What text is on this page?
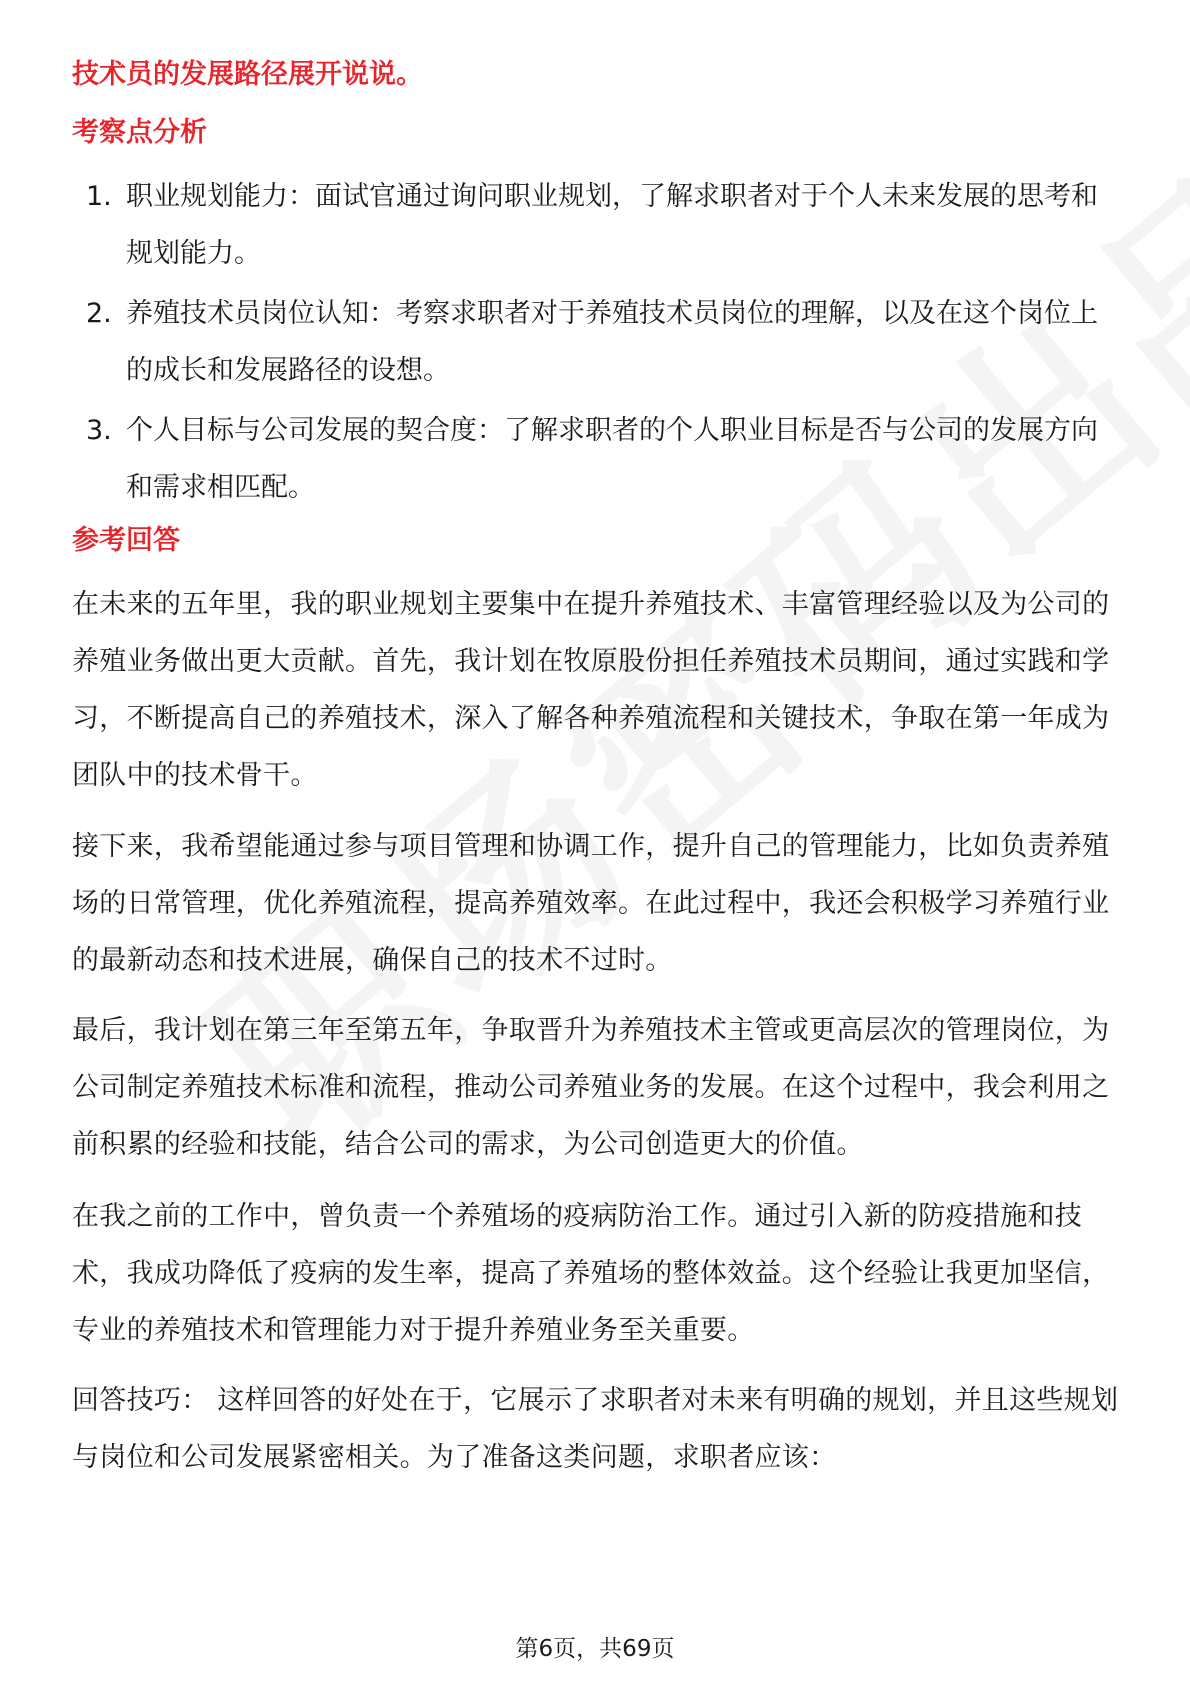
技术员的发展路径展开说说。
考察点分析
1. 职业规划能力：面试官通过询问职业规划，了解求职者对于个人未来发展的思考和规划能力。
2. 养殖技术员岗位认知：考察求职者对于养殖技术员岗位的理解，以及在这个岗位上的成长和发展路径的设想。
3. 个人目标与公司发展的契合度：了解求职者的个人职业目标是否与公司的发展方向和需求相匹配。
参考回答
在未来的五年里，我的职业规划主要集中在提升养殖技术、丰富管理经验以及为公司的养殖业务做出更大贡献。首先，我计划在牧原股份担任养殖技术员期间，通过实践和学习，不断提高自己的养殖技术，深入了解各种养殖流程和关键技术，争取在第一年成为团队中的技术骨干。
接下来，我希望能通过参与项目管理和协调工作，提升自己的管理能力，比如负责养殖场的日常管理，优化养殖流程，提高养殖效率。在此过程中，我还会积极学习养殖行业的最新动态和技术进展，确保自己的技术不过时。
最后，我计划在第三年至第五年，争取晋升为养殖技术主管或更高层次的管理岗位，为公司制定养殖技术标准和流程，推动公司养殖业务的发展。在这个过程中，我会利用之前积累的经验和技能，结合公司的需求，为公司创造更大的价值。
在我之前的工作中，曾负责一个养殖场的疫病防治工作。通过引入新的防疫措施和技术，我成功降低了疫病的发生率，提高了养殖场的整体效益。这个经验让我更加坚信，专业的养殖技术和管理能力对于提升养殖业务至关重要。
回答技巧： 这样回答的好处在于，它展示了求职者对未来有明确的规划，并且这些规划与岗位和公司发展紧密相关。为了准备这类问题，求职者应该：
第6页，共69页
